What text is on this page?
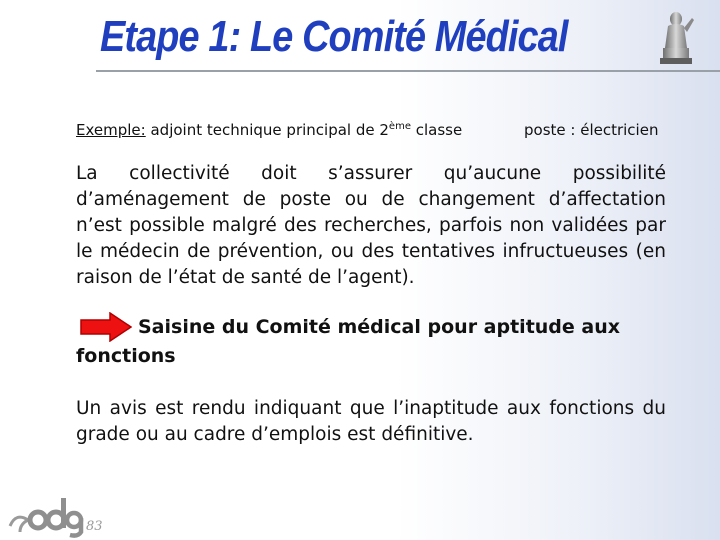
Etape 1: Le Comité Médical
Exemple: adjoint technique principal de 2ème classe	poste : électricien
La collectivité doit s’assurer qu’aucune possibilité d’aménagement de poste ou de changement d’affectation n’est possible malgré des recherches, parfois non validées par le médecin de prévention, ou des tentatives infructueuses (en raison de l’état de santé de l’agent).
Saisine du Comité médical pour aptitude aux
fonctions
Un avis est rendu indiquant que l’inaptitude aux fonctions du grade ou au cadre d’emplois est définitive.
83
